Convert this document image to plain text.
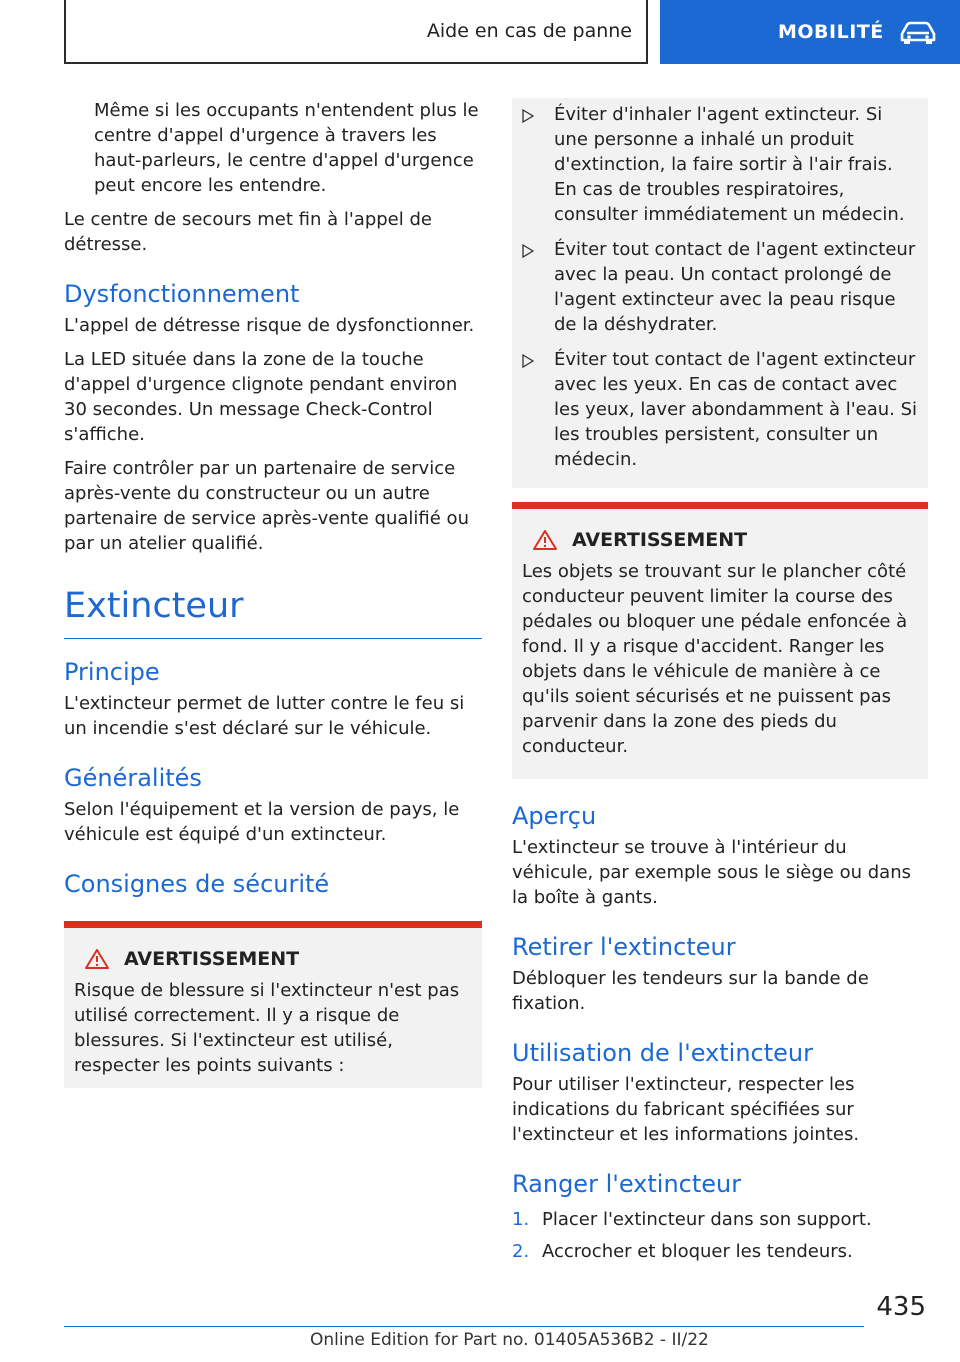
Aide en cas de panne	MOBILITÉ

Même si les occupants n'entendent plus le centre d'appel d'urgence à travers les haut-parleurs, le centre d'appel d'urgence peut encore les entendre.

Le centre de secours met fin à l'appel de détresse.

Dysfonctionnement

L'appel de détresse risque de dysfonctionner.

La LED située dans la zone de la touche d'appel d'urgence clignote pendant environ 30 secondes. Un message Check-Control s'affiche.

Faire contrôler par un partenaire de service après-vente du constructeur ou un autre partenaire de service après-vente qualifié ou par un atelier qualifié.

Extincteur
Principe

L'extincteur permet de lutter contre le feu si un incendie s'est déclaré sur le véhicule.

Généralités

Selon l'équipement et la version de pays, le véhicule est équipé d'un extincteur.

Consignes de sécurité
AVERTISSEMENT

Risque de blessure si l'extincteur n'est pas utilisé correctement. Il y a risque de blessures. Si l'extincteur est utilisé, respecter les points suivants :

Éviter d'inhaler l'agent extincteur. Si une personne a inhalé un produit d'extinction, la faire sortir à l'air frais. En cas de troubles respiratoires, consulter immédiatement un médecin.

Éviter tout contact de l'agent extincteur avec la peau. Un contact prolongé de l'agent extincteur avec la peau risque de la déshydrater.

Éviter tout contact de l'agent extincteur avec les yeux. En cas de contact avec les yeux, laver abondamment à l'eau. Si les troubles persistent, consulter un médecin.

AVERTISSEMENT

Les objets se trouvant sur le plancher côté conducteur peuvent limiter la course des pédales ou bloquer une pédale enfoncée à fond. Il y a risque d'accident. Ranger les objets dans le véhicule de manière à ce qu'ils soient sécurisés et ne puissent pas parvenir dans la zone des pieds du conducteur.

Aperçu

L'extincteur se trouve à l'intérieur du véhicule, par exemple sous le siège ou dans la boîte à gants.

Retirer l'extincteur

Débloquer les tendeurs sur la bande de fixation.

Utilisation de l'extincteur

Pour utiliser l'extincteur, respecter les indications du fabricant spécifiées sur l'extincteur et les informations jointes.

Ranger l'extincteur
1. Placer l'extincteur dans son support.

2. Accrocher et bloquer les tendeurs.

435
Online Edition for Part no. 01405A536B2 - II/22
